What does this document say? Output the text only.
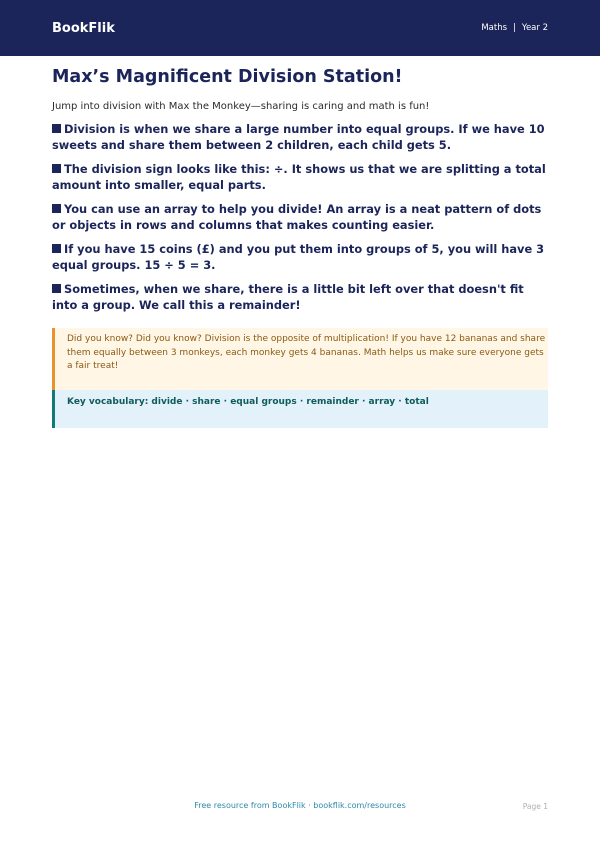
BookFlik	Maths | Year 2
Max’s Magnificent Division Station!

Jump into division with Max the Monkey—sharing is caring and math is fun!

Division is when we share a large number into equal groups. If we have 10 sweets and share them between 2 children, each child gets 5.
The division sign looks like this: ÷. It shows us that we are splitting a total amount into smaller, equal parts.
You can use an array to help you divide! An array is a neat pattern of dots or objects in rows and columns that makes counting easier.
If you have 15 coins (£) and you put them into groups of 5, you will have 3 equal groups. 15 ÷ 5 = 3.
Sometimes, when we share, there is a little bit left over that doesn't fit into a group. We call this a remainder!

Did you know? Did you know? Division is the opposite of multiplication! If you have 12 bananas and share them equally between 3 monkeys, each monkey gets 4 bananas. Math helps us make sure everyone gets a fair treat!

Key vocabulary: divide · share · equal groups · remainder · array · total

Free resource from BookFlik · bookflik.com/resources	Page 1
